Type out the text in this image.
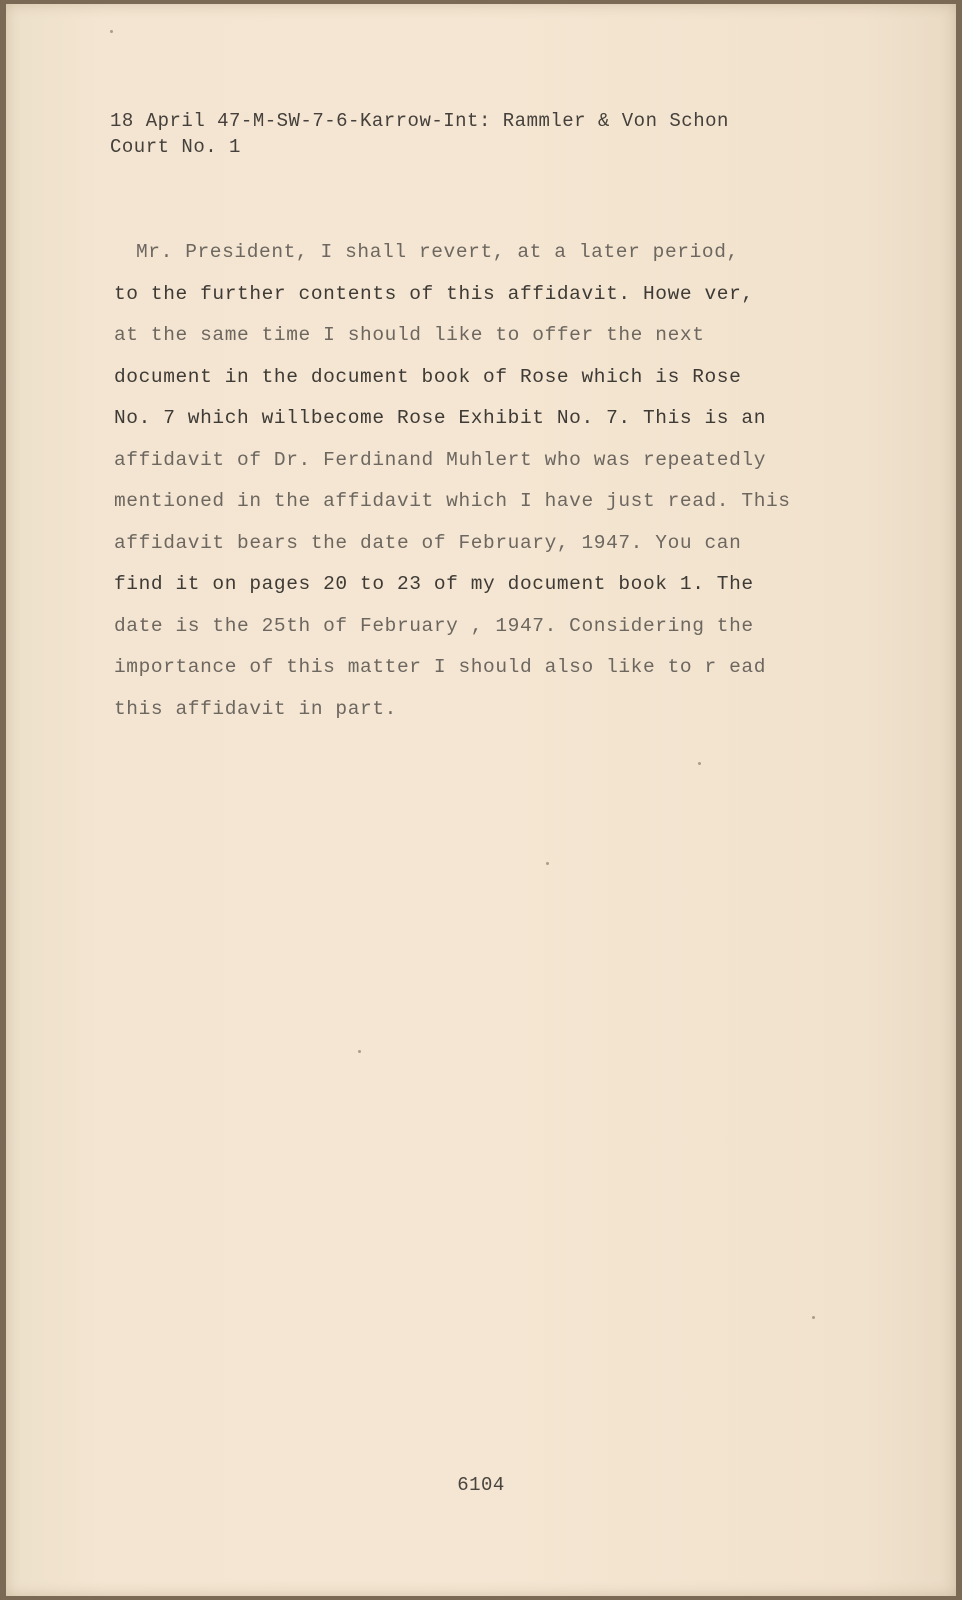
18 April 47-M-SW-7-6-Karrow-Int: Rammler & Von Schon
Court No. 1
Mr. President, I shall revert, at a later period,
to the further contents of this affidavit. Howe ver,
at the same time I should like to offer the next
document in the document book of Rose which is Rose
No. 7 which willbecome Rose Exhibit No. 7. This is an
affidavit of Dr. Ferdinand Muhlert who was repeatedly
mentioned in the affidavit which I have just read. This
affidavit bears the date of February, 1947. You can
find it on pages 20 to 23 of my document book 1. The
date is the 25th of February , 1947. Considering the
importance of this matter I should also like to r ead
this affidavit in part.
6104
